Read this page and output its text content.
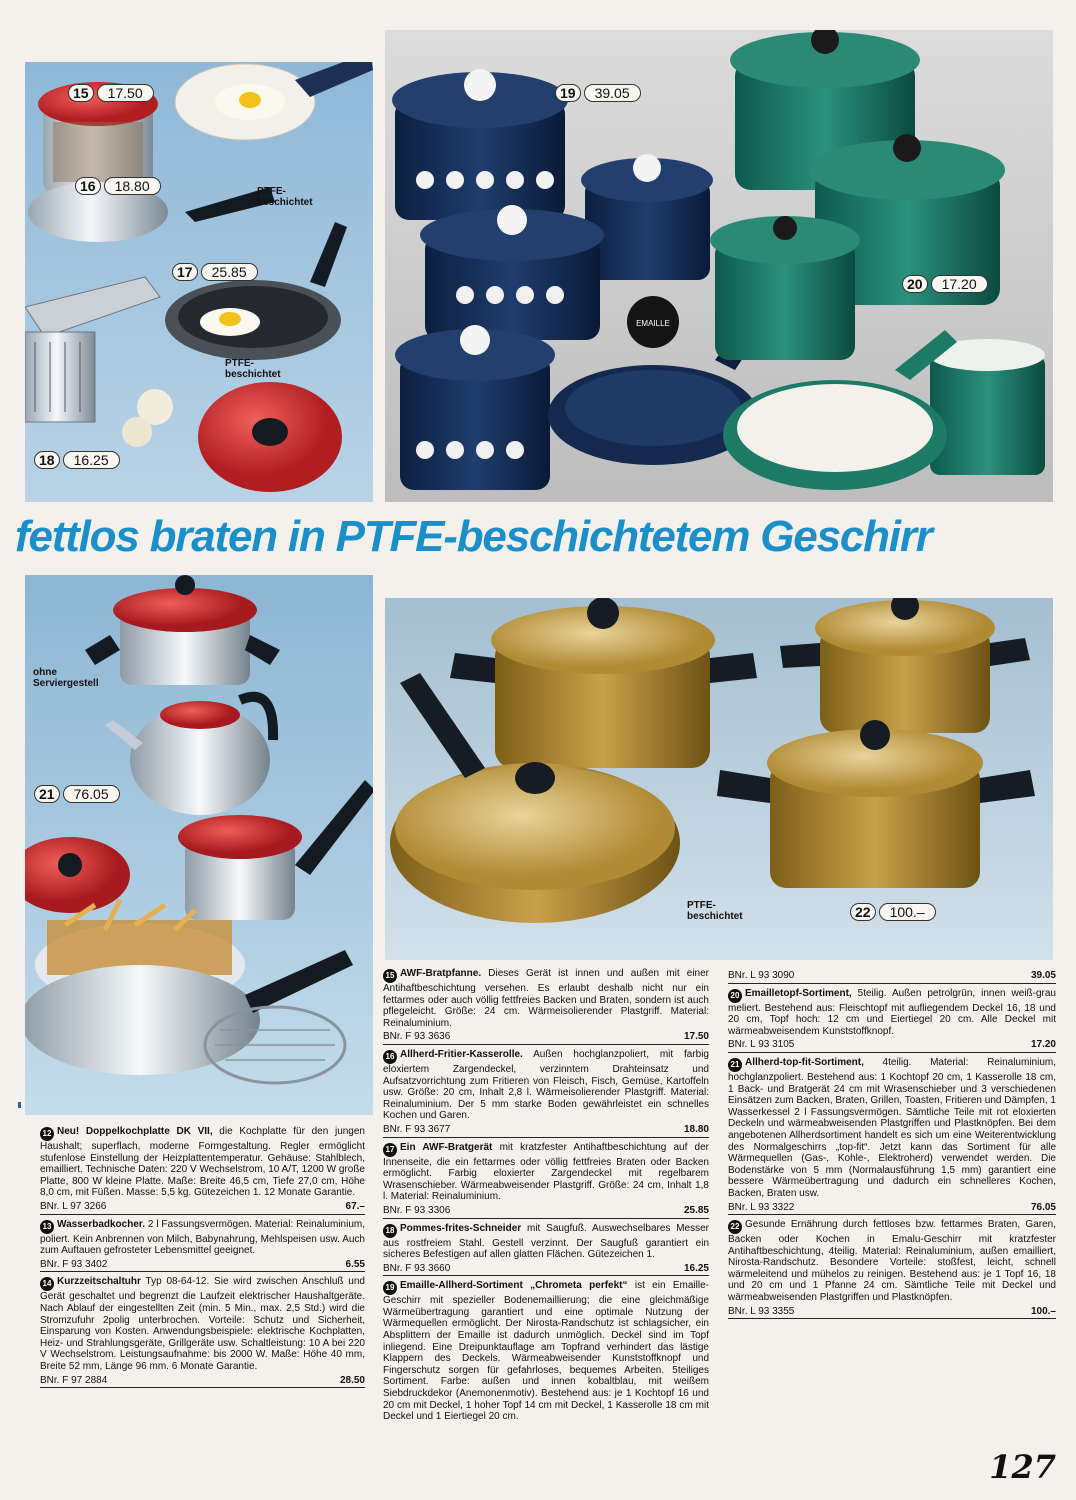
PTFE-
beschichtet
PTFE-
beschichtet
EMAILLE
15	17.50
16	18.80
17	25.85
18	16.25
19	39.05
20	17.20
fettlos braten in PTFE-beschichtetem Geschirr
ohne
Serviergestell
21	76.05
PTFE-
beschichtet	22	100.–

12 Neu! Doppelkochplatte DK VII, die Kochplatte für den jungen Haushalt; superflach, moderne Formgestaltung. Regler ermöglicht stufenlose Einstellung der Heizplattentemperatur. Gehäuse: Stahlblech, emailliert. Technische Daten: 220 V Wechselstrom, 10 A/T, 1200 W große Platte, 800 W kleine Platte. Maße: Breite 46,5 cm, Tiefe 27,0 cm, Höhe 8,0 cm, mit Füßen. Masse: 5,5 kg. Gütezeichen 1. 12 Monate Garantie.

BNr. L 97 3266	67.–

13 Wasserbadkocher. 2 l Fassungsvermögen. Material: Reinaluminium, poliert. Kein Anbrennen von Milch, Babynahrung, Mehlspeisen usw. Auch zum Auftauen gefrosteter Lebensmittel geeignet.

BNr. F 93 3402	6.55

14 Kurzzeitschaltuhr Typ 08-64-12. Sie wird zwischen Anschluß und Gerät geschaltet und begrenzt die Laufzeit elektrischer Haushaltgeräte. Nach Ablauf der eingestellten Zeit (min. 5 Min., max. 2,5 Std.) wird die Stromzufuhr 2polig unterbrochen. Vorteile: Schutz und Sicherheit, Einsparung von Kosten. Anwendungsbeispiele: elektrische Kochplatten, Heiz- und Strahlungsgeräte, Grillgeräte usw. Schaltleistung: 10 A bei 220 V Wechselstrom. Leistungsaufnahme: bis 2000 W. Maße: Höhe 40 mm, Breite 52 mm, Länge 96 mm. 6 Monate Garantie.

BNr. F 97 2884	28.50

15 AWF-Bratpfanne. Dieses Gerät ist innen und außen mit einer Antihaftbeschichtung versehen. Es erlaubt deshalb nicht nur ein fettarmes oder auch völlig fettfreies Backen und Braten, sondern ist auch pflegeleicht. Größe: 24 cm. Wärmeisolierender Plastgriff. Material: Reinaluminium.

BNr. F 93 3636	17.50

16 Allherd-Fritier-Kasserolle. Außen hochglanzpoliert, mit farbig eloxiertem Zargendeckel, verzinntem Drahteinsatz und Aufsatzvorrichtung zum Fritieren von Fleisch, Fisch, Gemüse, Kartoffeln usw. Größe: 20 cm, Inhalt 2,8 l. Wärmeisolierender Plastgriff. Material: Reinaluminium. Der 5 mm starke Boden gewährleistet ein schnelles Kochen und Garen.

BNr. F 93 3677	18.80

17 Ein AWF-Bratgerät mit kratzfester Antihaftbeschichtung auf der Innenseite, die ein fettarmes oder völlig fettfreies Braten oder Backen ermöglicht. Farbig eloxierter Zargendeckel mit regelbarem Wrasenschieber. Wärmeabweisender Plastgriff. Größe: 24 cm, Inhalt 1,8 l. Material: Reinaluminium.

BNr. F 93 3306	25.85

18 Pommes-frites-Schneider mit Saugfuß. Auswechselbares Messer aus rostfreiem Stahl. Gestell verzinnt. Der Saugfuß garantiert ein sicheres Befestigen auf allen glatten Flächen. Gütezeichen 1.

BNr. F 93 3660	16.25

19 Emaille-Allherd-Sortiment „Chrometa perfekt“ ist ein Emaille-Geschirr mit spezieller Bodenemaillierung; die eine gleichmäßige Wärmeübertragung garantiert und eine optimale Nutzung der Wärmequellen ermöglicht. Der Nirosta-Randschutz ist schlagsicher, ein Absplittern der Emaille ist dadurch unmöglich. Deckel sind im Topf inliegend. Eine Dreipunktauflage am Topfrand verhindert das lästige Klappern des Deckels. Wärmeabweisender Kunststoffknopf und Fingerschutz sorgen für gefahrloses, bequemes Arbeiten. 5teiliges Sortiment. Farbe: außen und innen kobaltblau, mit weißem Siebdruckdekor (Anemonenmotiv). Bestehend aus: je 1 Kochtopf 16 und 20 cm mit Deckel, 1 hoher Topf 14 cm mit Deckel, 1 Kasserolle 18 cm mit Deckel und 1 Eiertiegel 20 cm.

BNr. L 93 3090	39.05

20 Emailletopf-Sortiment, 5teilig. Außen petrolgrün, innen weiß-grau meliert. Bestehend aus: Fleischtopf mit aufliegendem Deckel 16, 18 und 20 cm, Topf hoch: 12 cm und Eiertiegel 20 cm. Alle Deckel mit wärmeabweisendem Kunststoffknopf.

BNr. L 93 3105	17.20

21 Allherd-top-fit-Sortiment, 4teilig. Material: Reinaluminium, hochglanzpoliert. Bestehend aus: 1 Kochtopf 20 cm, 1 Kasserolle 18 cm, 1 Back- und Bratgerät 24 cm mit Wrasenschieber und 3 verschiedenen Einsätzen zum Backen, Braten, Grillen, Toasten, Fritieren und Dämpfen, 1 Wasserkessel 2 l Fassungsvermögen. Sämtliche Teile mit rot eloxierten Deckeln und wärmeabweisenden Plastgriffen und Plastknöpfen. Bei dem angebotenen Allherdsortiment handelt es sich um eine Weiterentwicklung des Normalgeschirrs „top-fit“. Jetzt kann das Sortiment für alle Wärmequellen (Gas-, Kohle-, Elektroherd) verwendet werden. Die Bodenstärke von 5 mm (Normalausführung 1,5 mm) garantiert eine bessere Wärmeübertragung und dadurch ein schnelleres Kochen, Backen, Braten usw.

BNr. L 93 3322	76.05

22 Gesunde Ernährung durch fettloses bzw. fettarmes Braten, Garen, Backen oder Kochen in Emalu-Geschirr mit kratzfester Antihaftbeschichtung, 4teilig. Material: Reinaluminium, außen emailliert, Nirosta-Randschutz. Besondere Vorteile: stoßfest, leicht, schnell wärmeleitend und mühelos zu reinigen. Bestehend aus: je 1 Topf 16, 18 und 20 cm und 1 Pfanne 24 cm. Sämtliche Teile mit Deckel und wärmeabweisenden Plastgriffen und Plastknöpfen.

BNr. L 93 3355	100.–
127
